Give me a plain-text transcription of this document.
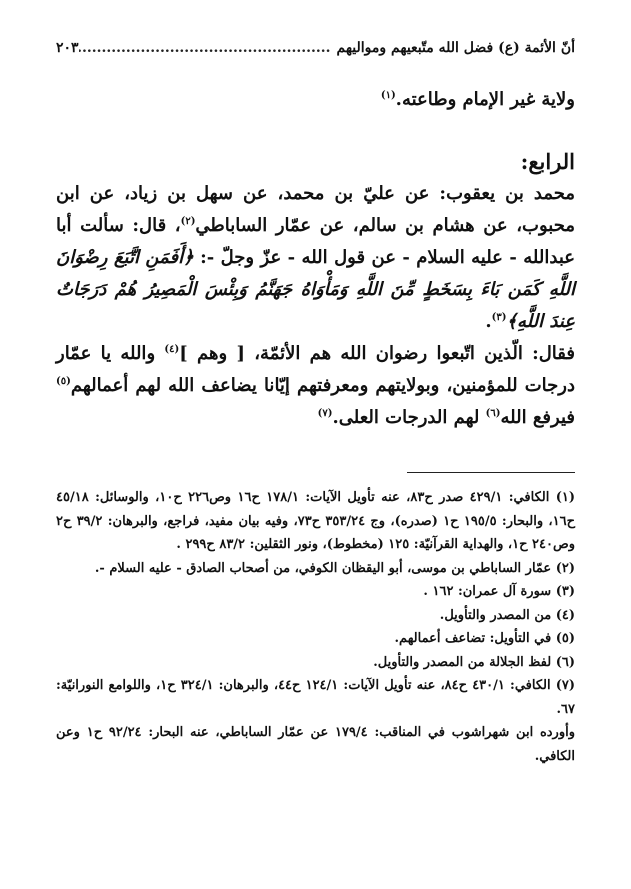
أنّ الأئمة (ع) فضل الله متّبعيهم ومواليهم
.....
٢٠٣

ولاية غير الإمام وطاعته.$^{(١)}$

الرابع:

محمد بن يعقوب: عن عليّ بن محمد، عن سهل بن زياد، عن ابن محبوب، عن هشام بن سالم، عن عمّار الساباطي$^{(٢)}$، قال: سألت أبا عبدالله - عليه السلام - عن قول الله - عزّ وجلّ -: ﴿أَفَمَنِ اتَّبَعَ رِضْوَانَ اللَّهِ كَمَن بَاءَ بِسَخَطٍ مِّنَ اللَّهِ وَمَأْوَاهُ جَهَنَّمُ وَبِئْسَ الْمَصِيرُ هُمْ دَرَجَاتٌ عِندَ اللَّهِ﴾$^{(٣)}$.

فقال: الّذين اتّبعوا رضوان الله هم الأئمّة، [ وهم ]$^{(٤)}$ والله يا عمّار درجات للمؤمنين، وبولايتهم ومعرفتهم إيّانا يضاعف الله لهم أعمالهم$^{(٥)}$ فيرفع الله$^{(٦)}$ لهم الدرجات العلى.$^{(٧)}$

(١) الكافي: ٤٢٩/١ صدر ح٨٣، عنه تأويل الآيات: ١٧٨/١ ح١٦ وص٢٢٦ ح١٠، والوسائل: ٤٥/١٨ ح١٦، والبحار: ١٩٥/٥ ح١ (صدره)، وج ٣٥٣/٢٤ ح٧٣، وفيه بيان مفيد، فراجع، والبرهان: ٣٩/٢ ح٢ وص٢٤٠ ح١، والهداية القرآنيّة: ١٢٥ (مخطوط)، ونور الثقلين: ٨٣/٢ ح٢٩٩ .

(٢) عمّار الساباطي بن موسى، أبو اليقظان الكوفي، من أصحاب الصادق - عليه السلام -.

(٣) سورة آل عمران: ١٦٢ .

(٤) من المصدر والتأويل.

(٥) في التأويل: تضاعف أعمالهم.

(٦) لفظ الجلالة من المصدر والتأويل.

(٧) الكافي: ٤٣٠/١ ح٨٤، عنه تأويل الآيات: ١٢٤/١ ح٤٤، والبرهان: ٣٢٤/١ ح١، واللوامع النورانيّة: ٦٧.

وأورده ابن شهراشوب في المناقب: ١٧٩/٤ عن عمّار الساباطي، عنه البحار: ٩٢/٢٤ ح١ وعن الكافي.
